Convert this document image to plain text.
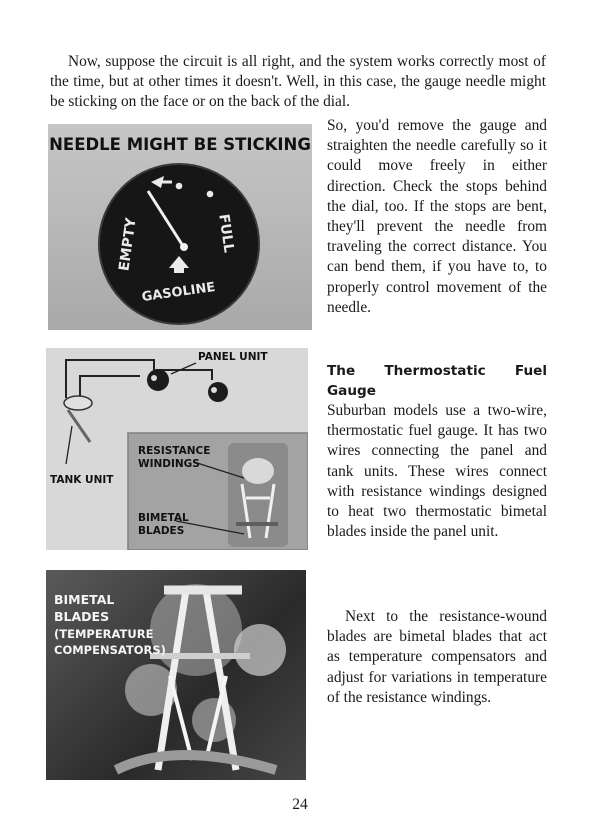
Now, suppose the circuit is all right, and the system works correctly most of the time, but at other times it doesn't. Well, in this case, the gauge needle might be sticking on the face or on the back of the dial.

NEEDLE MIGHT BE STICKING
EMPTY	FULL
GASOLINE

So, you'd remove the gauge and straighten the needle carefully so it could move freely in either direction. Check the stops behind the dial, too. If the stops are bent, they'll prevent the needle from traveling the correct distance. You can bend them, if you have to, to properly control movement of the needle.

PANEL UNIT
TANK UNIT
RESISTANCE
WINDINGS
BIMETAL
BLADES

The Thermostatic Fuel Gauge
Suburban models use a two-wire, thermostatic fuel gauge. It has two wires connecting the panel and tank units. These wires connect with resistance windings designed to heat two thermostatic bimetal blades inside the panel unit.

BIMETAL
BLADES
(TEMPERATURE
COMPENSATORS)

Next to the resistance-wound blades are bimetal blades that act as temperature compensators and adjust for variations in temperature of the resistance windings.

24
